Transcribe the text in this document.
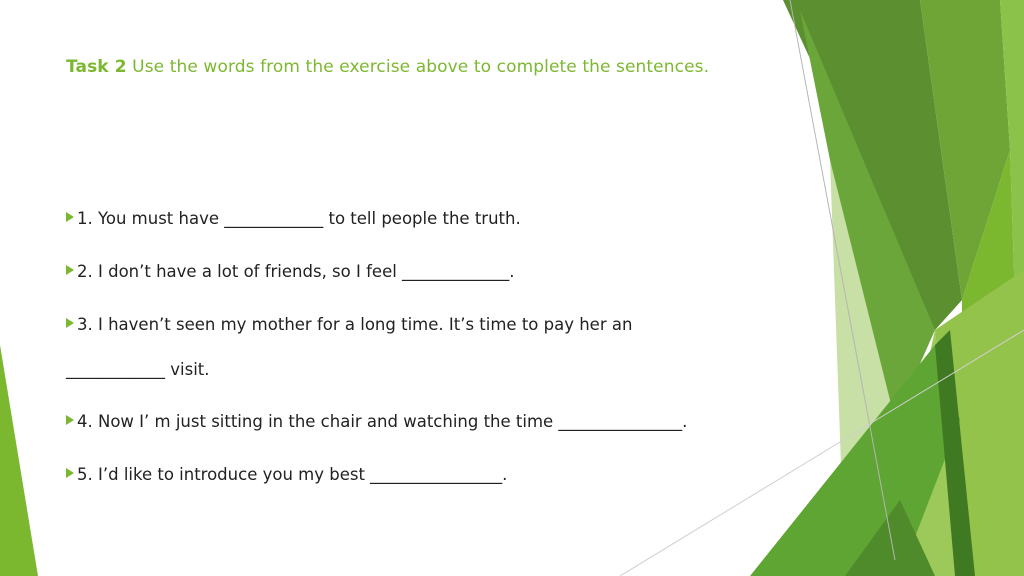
Task 2 Use the words from the exercise above to complete the sentences.
1. You must have ____________ to tell people the truth.
2. I don’t have a lot of friends, so I feel _____________.
3. I haven’t seen my mother for a long time. It’s time to pay her an
____________ visit.
4. Now I’ m just sitting in the chair and watching the time _______________.
5. I’d like to introduce you my best ________________.
